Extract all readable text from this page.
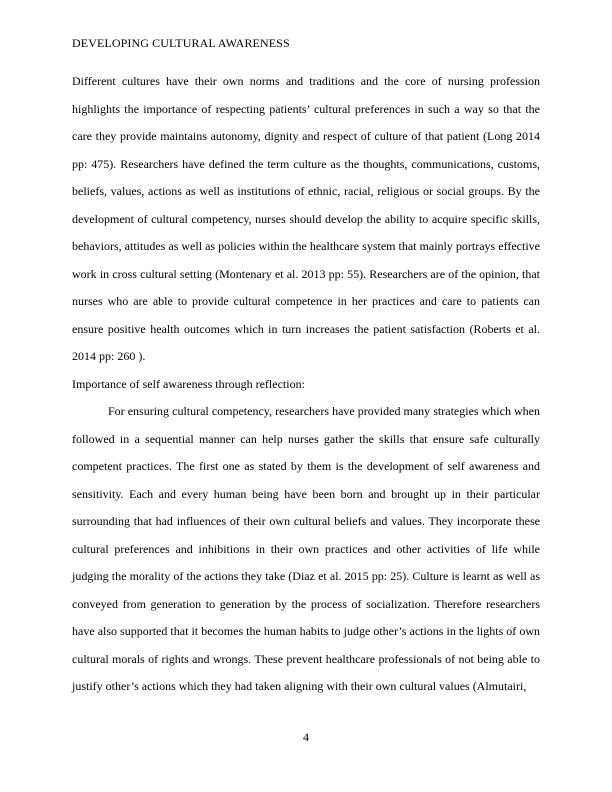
DEVELOPING CULTURAL AWARENESS

Different cultures have their own norms and traditions and the core of nursing profession highlights the importance of respecting patients’ cultural preferences in such a way so that the care they provide maintains autonomy, dignity and respect of culture of that patient (Long 2014 pp: 475). Researchers have defined the term culture as the thoughts, communications, customs, beliefs, values, actions as well as institutions of ethnic, racial, religious or social groups. By the development of cultural competency, nurses should develop the ability to acquire specific skills, behaviors, attitudes as well as policies within the healthcare system that mainly portrays effective work in cross cultural setting (Montenary et al. 2013 pp: 55). Researchers are of the opinion, that nurses who are able to provide cultural competence in her practices and care to patients can ensure positive health outcomes which in turn increases the patient satisfaction (Roberts et al. 2014 pp: 260 ).

Importance of self awareness through reflection:

For ensuring cultural competency, researchers have provided many strategies which when followed in a sequential manner can help nurses gather the skills that ensure safe culturally competent practices. The first one as stated by them is the development of self awareness and sensitivity. Each and every human being have been born and brought up in their particular surrounding that had influences of their own cultural beliefs and values. They incorporate these cultural preferences and inhibitions in their own practices and other activities of life while judging the morality of the actions they take (Diaz et al. 2015 pp: 25). Culture is learnt as well as conveyed from generation to generation by the process of socialization. Therefore researchers have also supported that it becomes the human habits to judge other’s actions in the lights of own cultural morals of rights and wrongs. These prevent healthcare professionals of not being able to justify other’s actions which they had taken aligning with their own cultural values (Almutairi,

4
